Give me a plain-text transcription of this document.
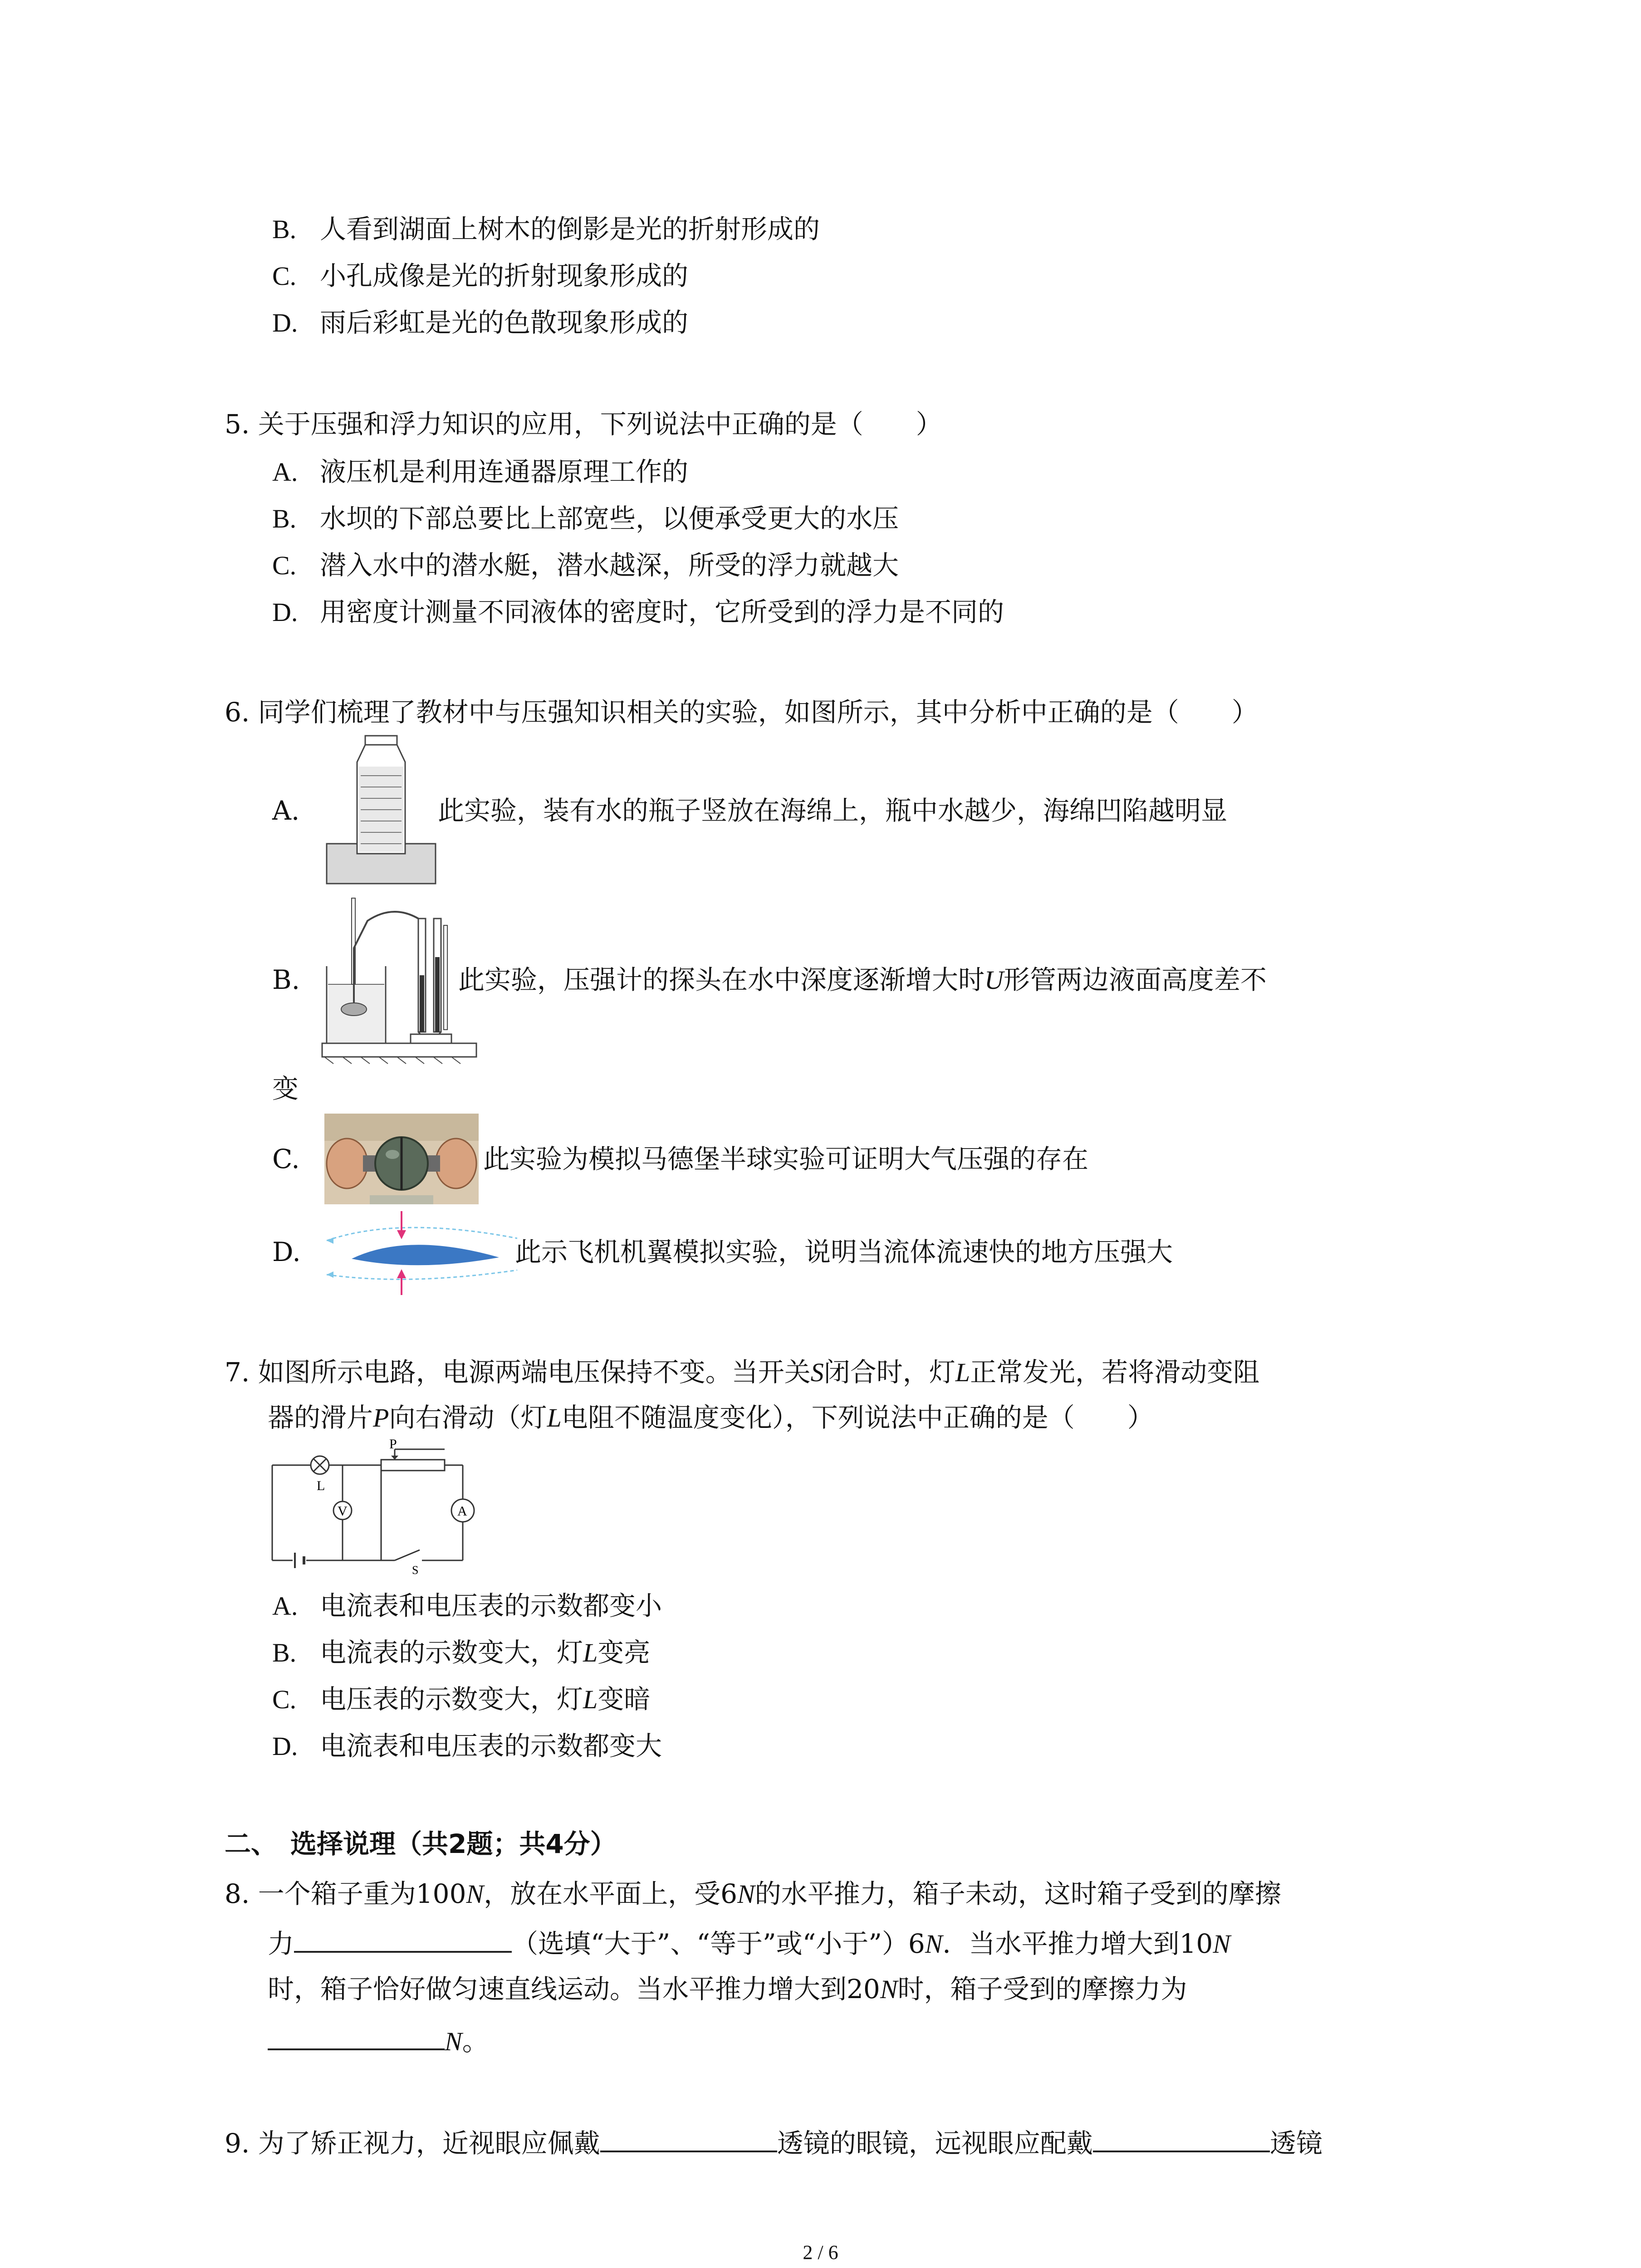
B. 人看到湖面上树木的倒影是光的折射形成的
C. 小孔成像是光的折射现象形成的
D. 雨后彩虹是光的色散现象形成的
5. 关于压强和浮力知识的应用，下列说法中正确的是（　　）
A. 液压机是利用连通器原理工作的
B. 水坝的下部总要比上部宽些，以便承受更大的水压
C. 潜入水中的潜水艇，潜水越深，所受的浮力就越大
D. 用密度计测量不同液体的密度时，它所受到的浮力是不同的
6. 同学们梳理了教材中与压强知识相关的实验，如图所示，其中分析中正确的是（　　）
A.	此实验，装有水的瓶子竖放在海绵上，瓶中水越少，海绵凹陷越明显
B.	此实验，压强计的探头在水中深度逐渐增大时U形管两边液面高度差不
变
C.	此实验为模拟马德堡半球实验可证明大气压强的存在
D.	此示飞机机翼模拟实验，说明当流体流速快的地方压强大
7. 如图所示电路，电源两端电压保持不变。当开关S闭合时，灯L正常发光，若将滑动变阻
器的滑片P向右滑动（灯L电阻不随温度变化），下列说法中正确的是（　　）
L
V
P
A
S
A. 电流表和电压表的示数都变小
B. 电流表的示数变大，灯L变亮
C. 电压表的示数变大，灯L变暗
D. 电流表和电压表的示数都变大
二、　选择说理（共2题；共4分）
8. 一个箱子重为100N，放在水平面上，受6N的水平推力，箱子未动，这时箱子受到的摩擦
力	（选填“大于”、“等于”或“小于”）6N．当水平推力增大到10N
时，箱子恰好做匀速直线运动。当水平推力增大到20N时，箱子受到的摩擦力为
N。
9. 为了矫正视力，近视眼应佩戴	透镜的眼镜，远视眼应配戴	透镜
2 / 6
